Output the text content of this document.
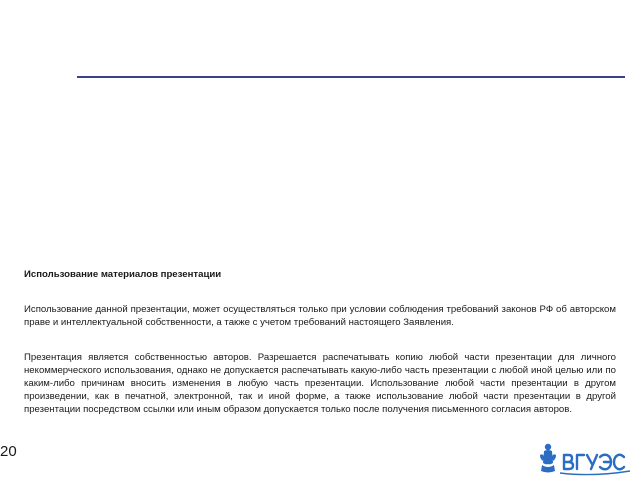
Использование материалов презентации

Использование данной презентации, может осуществляться только при условии соблюдения требований законов РФ об авторском праве и интеллектуальной собственности, а также с учетом требований настоящего Заявления.

Презентация является собственностью авторов. Разрешается распечатывать копию любой части презентации для личного некоммерческого использования, однако не допускается распечатывать какую-либо часть презентации с любой иной целью или по каким-либо причинам вносить изменения в любую часть презентации. Использование любой части презентации в другом произведении, как в печатной, электронной, так и иной форме, а также использование любой части презентации в другой презентации посредством ссылки или иным образом допускается только после получения письменного согласия авторов.

20
